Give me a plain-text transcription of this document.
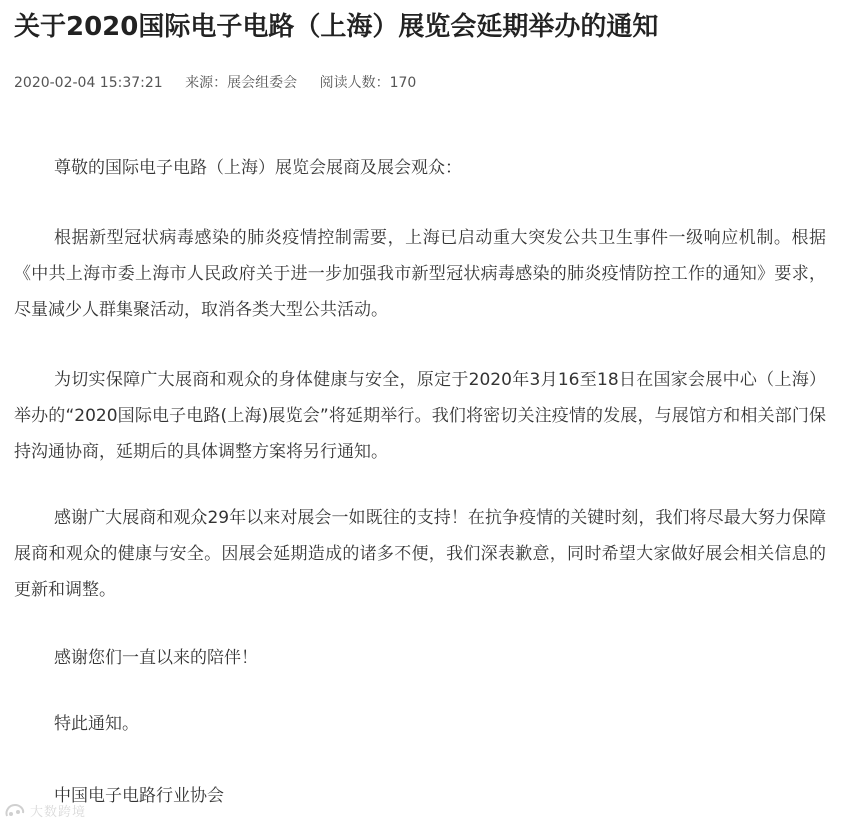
关于2020国际电子电路（上海）展览会延期举办的通知
2020-02-04 15:37:21 来源：展会组委会 阅读人数：170

尊敬的国际电子电路（上海）展览会展商及展会观众：

根据新型冠状病毒感染的肺炎疫情控制需要，上海已启动重大突发公共卫生事件一级响应机制。根据《中共上海市委上海市人民政府关于进一步加强我市新型冠状病毒感染的肺炎疫情防控工作的通知》要求，尽量减少人群集聚活动，取消各类大型公共活动。

为切实保障广大展商和观众的身体健康与安全，原定于2020年3月16至18日在国家会展中心（上海）举办的“2020国际电子电路(上海)展览会”将延期举行。我们将密切关注疫情的发展，与展馆方和相关部门保持沟通协商，延期后的具体调整方案将另行通知。

感谢广大展商和观众29年以来对展会一如既往的支持！在抗争疫情的关键时刻，我们将尽最大努力保障展商和观众的健康与安全。因展会延期造成的诸多不便，我们深表歉意，同时希望大家做好展会相关信息的更新和调整。

感谢您们一直以来的陪伴！

特此通知。

中国电子电路行业协会

大数跨境
